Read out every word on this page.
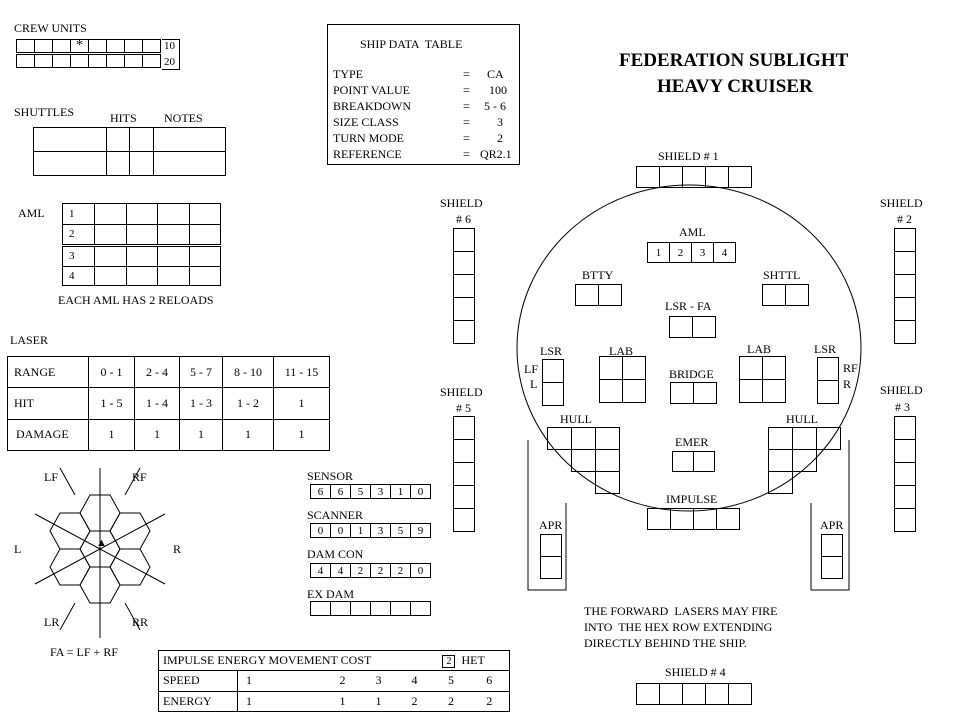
CREW UNITS
*	10
20
SHUTTLES	HITS NOTES

AML 1				
2				
3				
4				
EACH AML HAS 2 RELOADS
LASER
RANGE	0 - 1	2 - 4	5 - 7	8 - 10	11 - 15
HIT	1 - 5	1 - 4	1 - 3	1 - 2	1
DAMAGE	1	1	1	1	1
▲
LF	RF
L	R
LR	RR
FA = LF + RF
SHIP DATA  TABLE
TYPE	= CA
POINT VALUE	= 100
BREAKDOWN	= 5 - 6
SIZE CLASS	= 3
TURN MODE	= 2
REFERENCE	= QR2.1
FEDERATION SUBLIGHT
HEAVY CRUISER
SENSOR
6	6	5	3	1	0
SCANNER
0	0	1	3	5	9
DAM CON
4	4	2	2	2	0
EX DAM
IMPULSE ENERGY MOVEMENT COST					2 HET	
SPEED	1	2	3	4	5	6
ENERGY	1	1	1	2	2	2
SHIELD # 1
SHIELD
# 2
SHIELD
# 3
SHIELD # 4
SHIELD
# 5
SHIELD
# 6
AML
1	2	3	4
BTTY	SHTTL
LSR - FA
LSR
LF
L
LAB	LAB	LSR
RF
R
BRIDGE
HULL	HULL
EMER
IMPULSE
APR	APR
THE FORWARD  LASERS MAY FIRE
INTO  THE HEX ROW EXTENDING
DIRECTLY BEHIND THE SHIP.
